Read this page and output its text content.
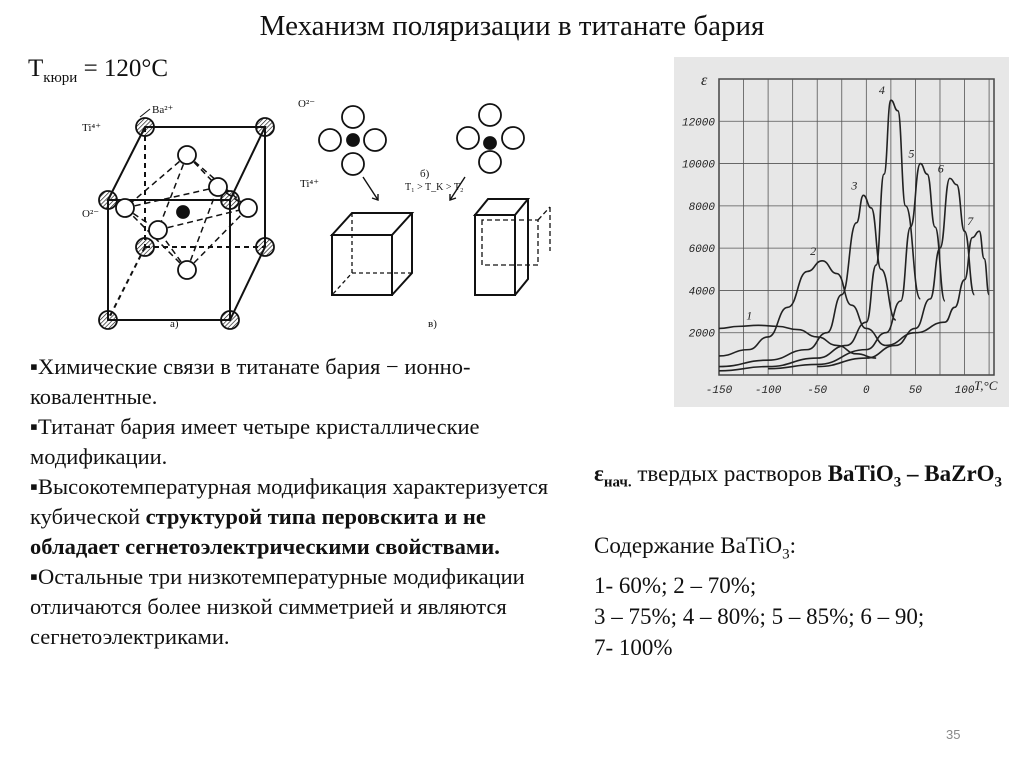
Механизм поляризации в титанате бария
$T_{кюри} = 120^\circ C$
Ba²⁺
Ti⁴⁺
O²⁻
а)
O²⁻
Ti⁴⁺	T₁ > T_K > T₂
б)
в)
1
2
3
4
5
6
7
-150 -100 -50	0	50	100
2000
4000
6000
8000
10000
12000
ε
T,°C

▪Химические связи в титанате бария − ионно-ковалентные.

▪Титанат бария имеет четыре кристаллические модификации.

▪Высокотемпературная модификация характеризуется кубической структурой типа перовскита и не обладает сегнетоэлектрическими свойствами.

▪Остальные три низкотемпературные модификации отличаются более низкой симметрией и являются сегнетоэлектриками.

$\varepsilon_{нач.}$ твердых растворов BaTiO$_3$ – BaZrO$_3$

Содержание BaTiO$_3$:

1- 60%; 2 – 70%;

3 – 75%; 4 – 80%; 5 – 85%; 6 – 90;

7- 100%

35
